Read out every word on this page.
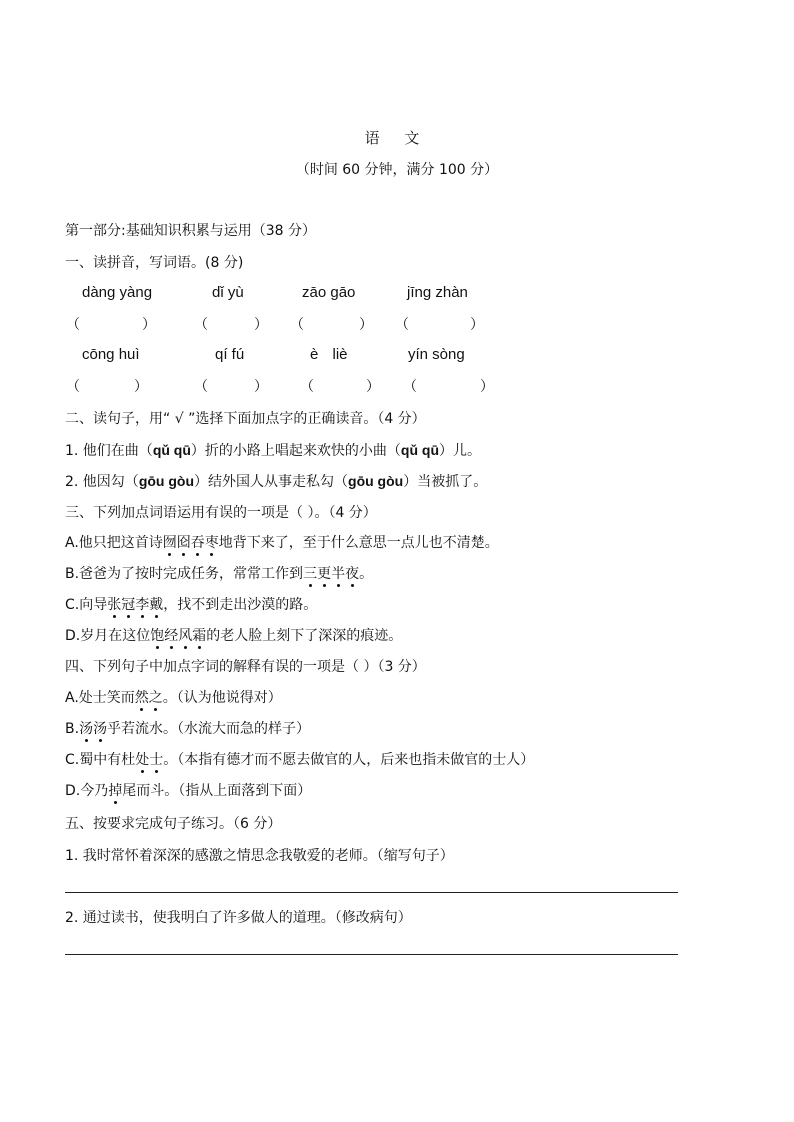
语 文
（时间 60 分钟，满分 100 分）
第一部分:基础知识积累与运用（38 分）
一、读拼音，写词语。(8 分)
dàng yàng	dǐ yù	zāo gāo	jīng zhàn
（	）	（	） （	） （	）
cōng huì	qí fú	è liè	yín sòng
（	）	（	） （	） （	）
二、读句子，用“ √ ”选择下面加点字的正确读音。（4 分）
1. 他们在曲（qǔ qū）折的小路上唱起来欢快的小曲（qǔ qū）儿。
2. 他因勾（gōu gòu）结外国人从事走私勾（gōu gòu）当被抓了。
三、下列加点词语运用有误的一项是（ ）。（4 分）
A.他只把这首诗囫囵吞枣地背下来了，至于什么意思一点儿也不清楚。
B.爸爸为了按时完成任务，常常工作到三更半夜。
C.向导张冠李戴，找不到走出沙漠的路。
D.岁月在这位饱经风霜的老人脸上刻下了深深的痕迹。
四、下列句子中加点字词的解释有误的一项是（ ）（3 分）
A.处士笑而然之。（认为他说得对）
B.汤汤乎若流水。（水流大而急的样子）
C.蜀中有杜处士。（本指有德才而不愿去做官的人，后来也指未做官的士人）
D.今乃掉尾而斗。（指从上面落到下面）
五、按要求完成句子练习。（6 分）
1. 我时常怀着深深的感激之情思念我敬爱的老师。（缩写句子）
2. 通过读书，使我明白了许多做人的道理。（修改病句）
